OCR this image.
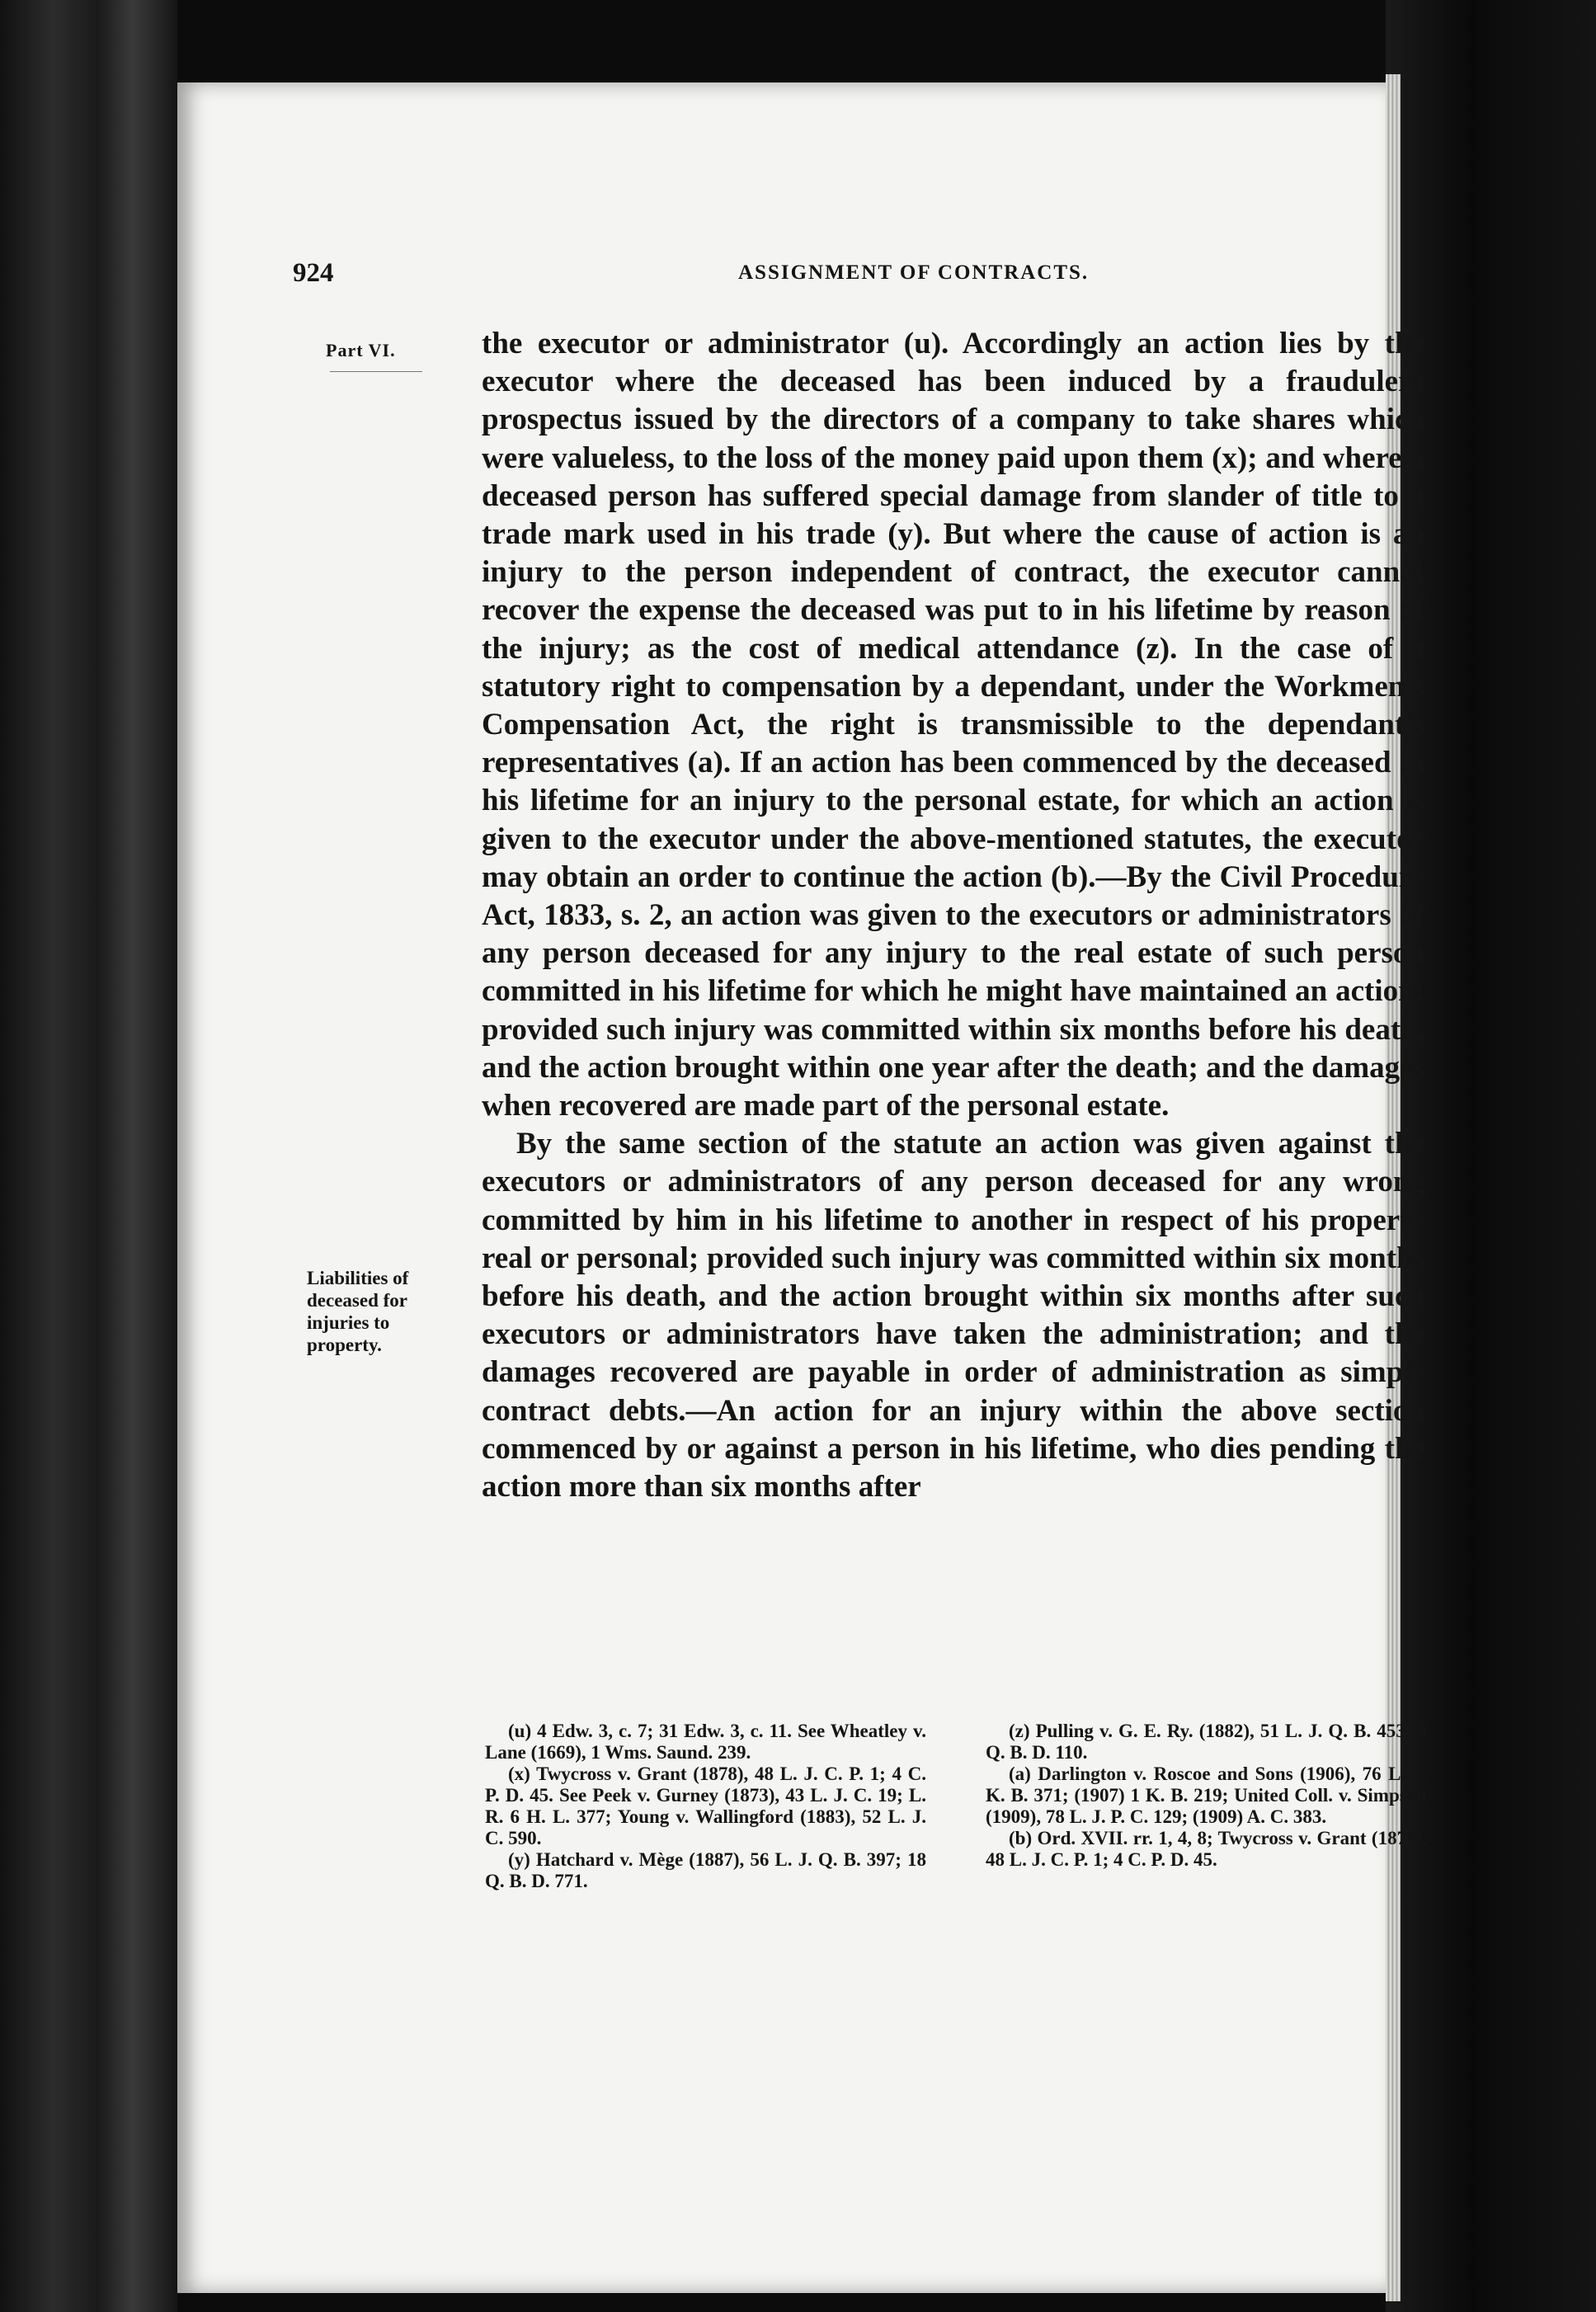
924	ASSIGNMENT OF CONTRACTS.
Part VI.
Liabilities of deceased for injuries to property.

the executor or administrator (u). Accordingly an action lies by the executor where the deceased has been induced by a fraudulent prospectus issued by the directors of a company to take shares which were valueless, to the loss of the money paid upon them (x); and where a deceased person has suffered special damage from slander of title to a trade mark used in his trade (y). But where the cause of action is an injury to the person independent of contract, the executor cannot recover the expense the deceased was put to in his lifetime by reason of the injury; as the cost of medical attendance (z). In the case of a statutory right to compensation by a dependant, under the Workmen's Compensation Act, the right is transmissible to the dependant's representatives (a). If an action has been commenced by the deceased in his lifetime for an injury to the personal estate, for which an action is given to the executor under the above-mentioned statutes, the executor may obtain an order to continue the action (b).—By the Civil Procedure Act, 1833, s. 2, an action was given to the executors or administrators of any person deceased for any injury to the real estate of such person committed in his lifetime for which he might have maintained an action; provided such injury was committed within six months before his death, and the action brought within one year after the death; and the damages when recovered are made part of the personal estate.

By the same section of the statute an action was given against the executors or administrators of any person deceased for any wrong committed by him in his lifetime to another in respect of his property real or personal; provided such injury was committed within six months before his death, and the action brought within six months after such executors or administrators have taken the administration; and the damages recovered are payable in order of administration as simple contract debts.—An action for an injury within the above section commenced by or against a person in his lifetime, who dies pending the action more than six months after

(u) 4 Edw. 3, c. 7; 31 Edw. 3, c. 11. See Wheatley v. Lane (1669), 1 Wms. Saund. 239.

(x) Twycross v. Grant (1878), 48 L. J. C. P. 1; 4 C. P. D. 45. See Peek v. Gurney (1873), 43 L. J. C. 19; L. R. 6 H. L. 377; Young v. Wallingford (1883), 52 L. J. C. 590.

(y) Hatchard v. Mège (1887), 56 L. J. Q. B. 397; 18 Q. B. D. 771.

(z) Pulling v. G. E. Ry. (1882), 51 L. J. Q. B. 453; 9 Q. B. D. 110.

(a) Darlington v. Roscoe and Sons (1906), 76 L. J. K. B. 371; (1907) 1 K. B. 219; United Coll. v. Simpson (1909), 78 L. J. P. C. 129; (1909) A. C. 383.

(b) Ord. XVII. rr. 1, 4, 8; Twycross v. Grant (1878), 48 L. J. C. P. 1; 4 C. P. D. 45.
